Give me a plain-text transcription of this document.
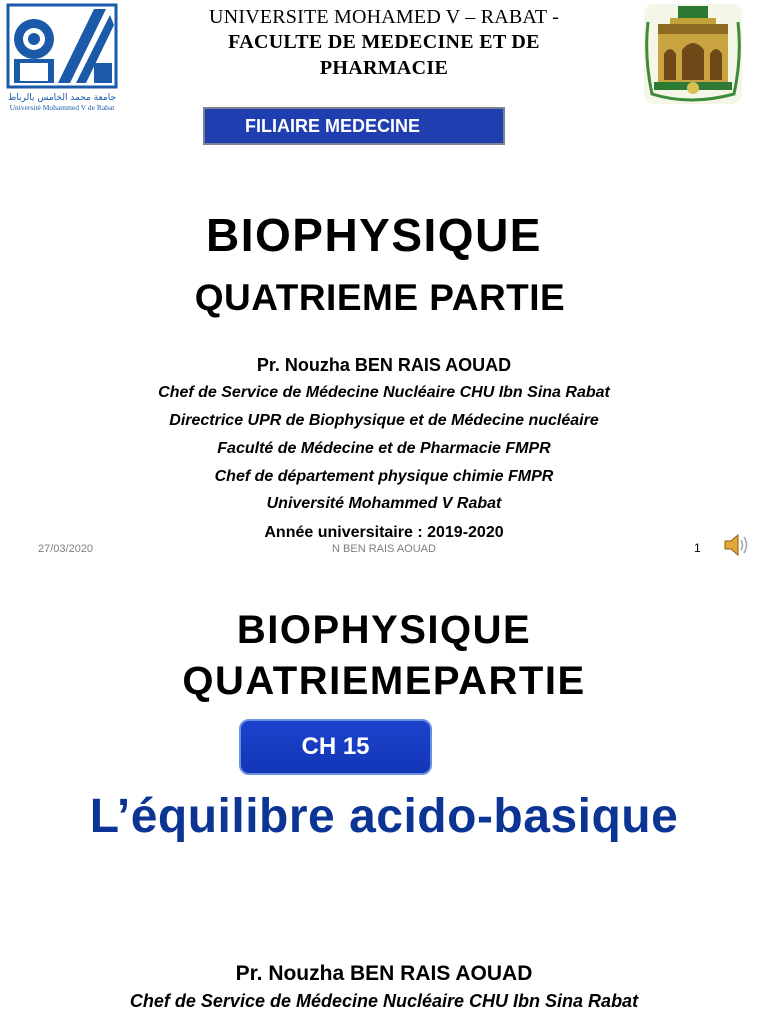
جامعة محمد الخامس بالرباط
Université Mohammed V de Rabat
UNIVERSITE MOHAMED V – RABAT -
FACULTE DE MEDECINE ET DE
PHARMACIE
FILIAIRE MEDECINE
BIOPHYSIQUE
QUATRIEME PARTIE
Pr. Nouzha BEN RAIS AOUAD
Chef de Service de Médecine Nucléaire CHU Ibn Sina Rabat
Directrice UPR de Biophysique et de Médecine nucléaire
Faculté de Médecine et de Pharmacie FMPR
Chef de département physique chimie FMPR
Université Mohammed V Rabat
Année universitaire : 2019-2020
27/03/2020	N BEN RAIS AOUAD	1
BIOPHYSIQUE
QUATRIEMEPARTIE
CH 15
L’équilibre acido-basique
Pr. Nouzha BEN RAIS AOUAD
Chef de Service de Médecine Nucléaire CHU Ibn Sina Rabat
